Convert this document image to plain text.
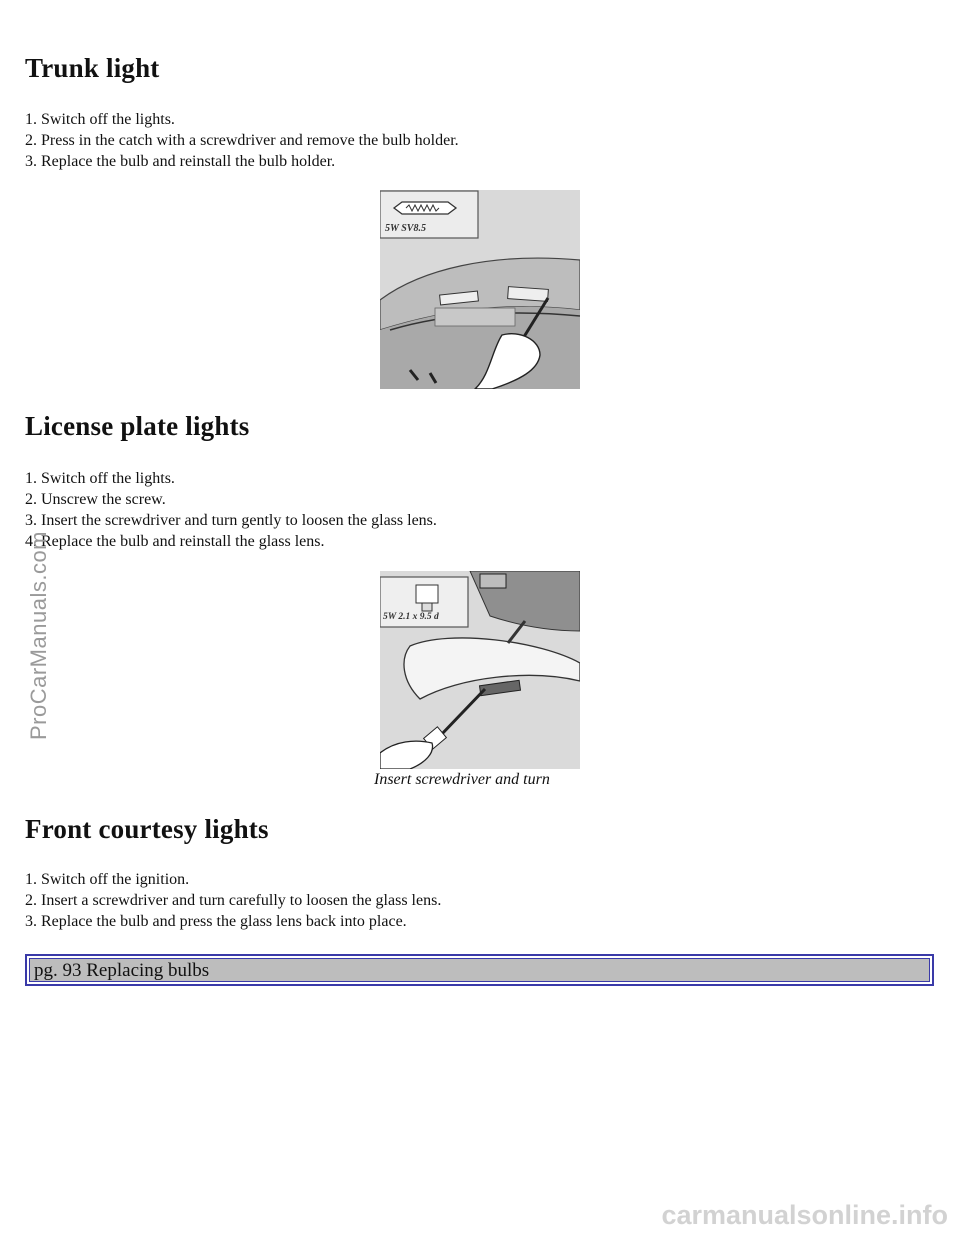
Trunk light
1. Switch off the lights.
2. Press in the catch with a screwdriver and remove the bulb holder.
3. Replace the bulb and reinstall the bulb holder.
5W SV8.5
License plate lights
1. Switch off the lights.
2. Unscrew the screw.
3. Insert the screwdriver and turn gently to loosen the glass lens.
4. Replace the bulb and reinstall the glass lens.
5W 2.1 x 9.5 d
Insert screwdriver and turn
Front courtesy lights
1. Switch off the ignition.
2. Insert a screwdriver and turn carefully to loosen the glass lens.
3. Replace the bulb and press the glass lens back into place.
pg. 93 Replacing bulbs
ProCarManuals.com
carmanualsonline.info
